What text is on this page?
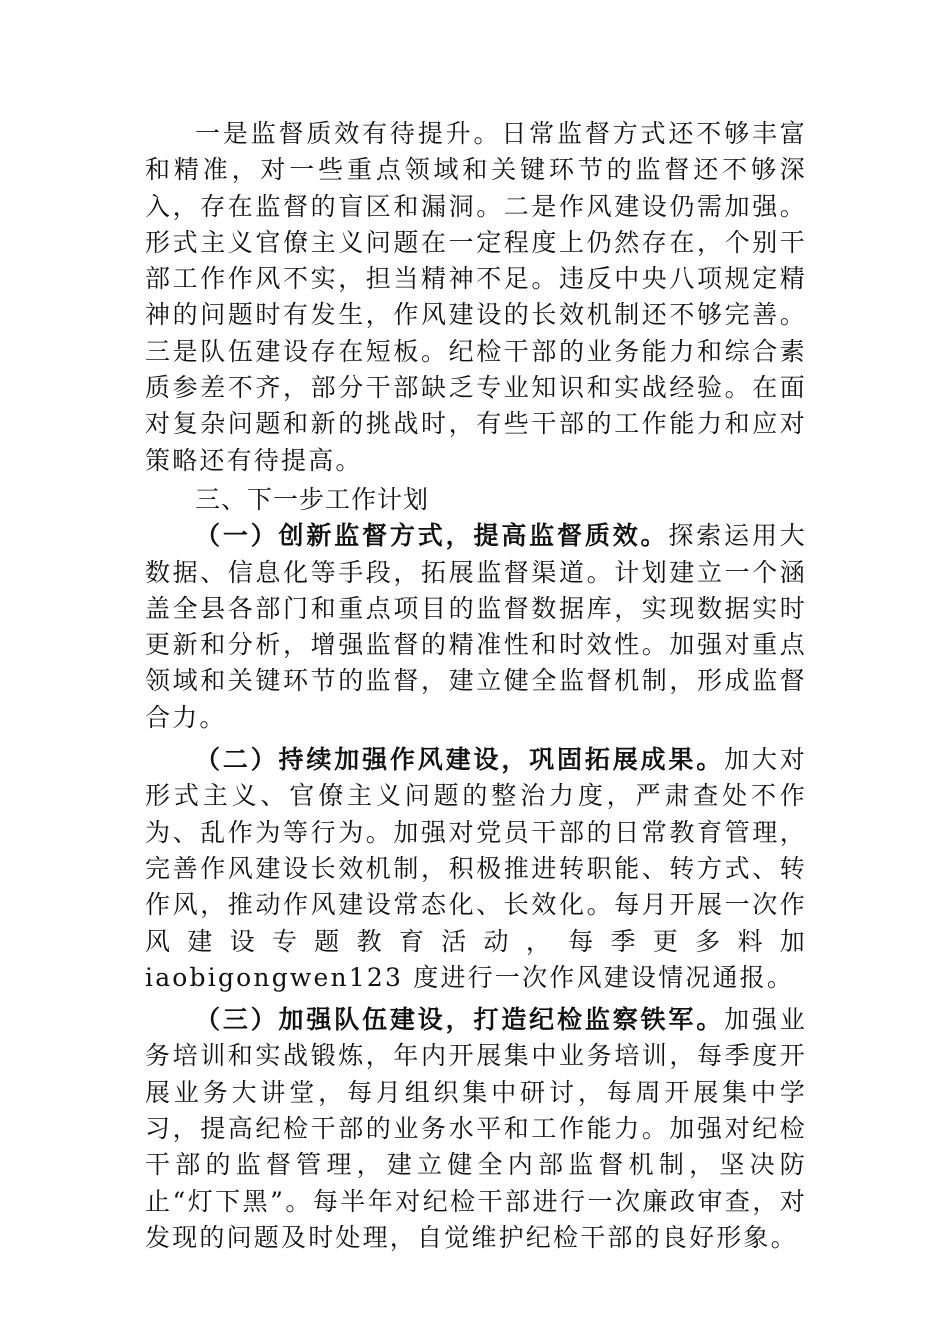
一是监督质效有待提升。日常监督方式还不够丰富和精准，对一些重点领域和关键环节的监督还不够深入，存在监督的盲区和漏洞。二是作风建设仍需加强。形式主义官僚主义问题在一定程度上仍然存在，个别干部工作作风不实，担当精神不足。违反中央八项规定精神的问题时有发生，作风建设的长效机制还不够完善。三是队伍建设存在短板。纪检干部的业务能力和综合素质参差不齐，部分干部缺乏专业知识和实战经验。在面对复杂问题和新的挑战时，有些干部的工作能力和应对策略还有待提高。

三、下一步工作计划

（一）创新监督方式，提高监督质效。探索运用大数据、信息化等手段，拓展监督渠道。计划建立一个涵盖全县各部门和重点项目的监督数据库，实现数据实时更新和分析，增强监督的精准性和时效性。加强对重点领域和关键环节的监督，建立健全监督机制，形成监督合力。

（二）持续加强作风建设，巩固拓展成果。加大对形式主义、官僚主义问题的整治力度，严肃查处不作为、乱作为等行为。加强对党员干部的日常教育管理，完善作风建设长效机制，积极推进转职能、转方式、转作风，推动作风建设常态化、长效化。每月开展一次作风建设专题教育活动，每季更多料加 iaobigongwen123 度进行一次作风建设情况通报。

（三）加强队伍建设，打造纪检监察铁军。加强业务培训和实战锻炼，年内开展集中业务培训，每季度开展业务大讲堂，每月组织集中研讨，每周开展集中学习，提高纪检干部的业务水平和工作能力。加强对纪检干部的监督管理，建立健全内部监督机制，坚决防止“灯下黑”。每半年对纪检干部进行一次廉政审查，对发现的问题及时处理，自觉维护纪检干部的良好形象。
